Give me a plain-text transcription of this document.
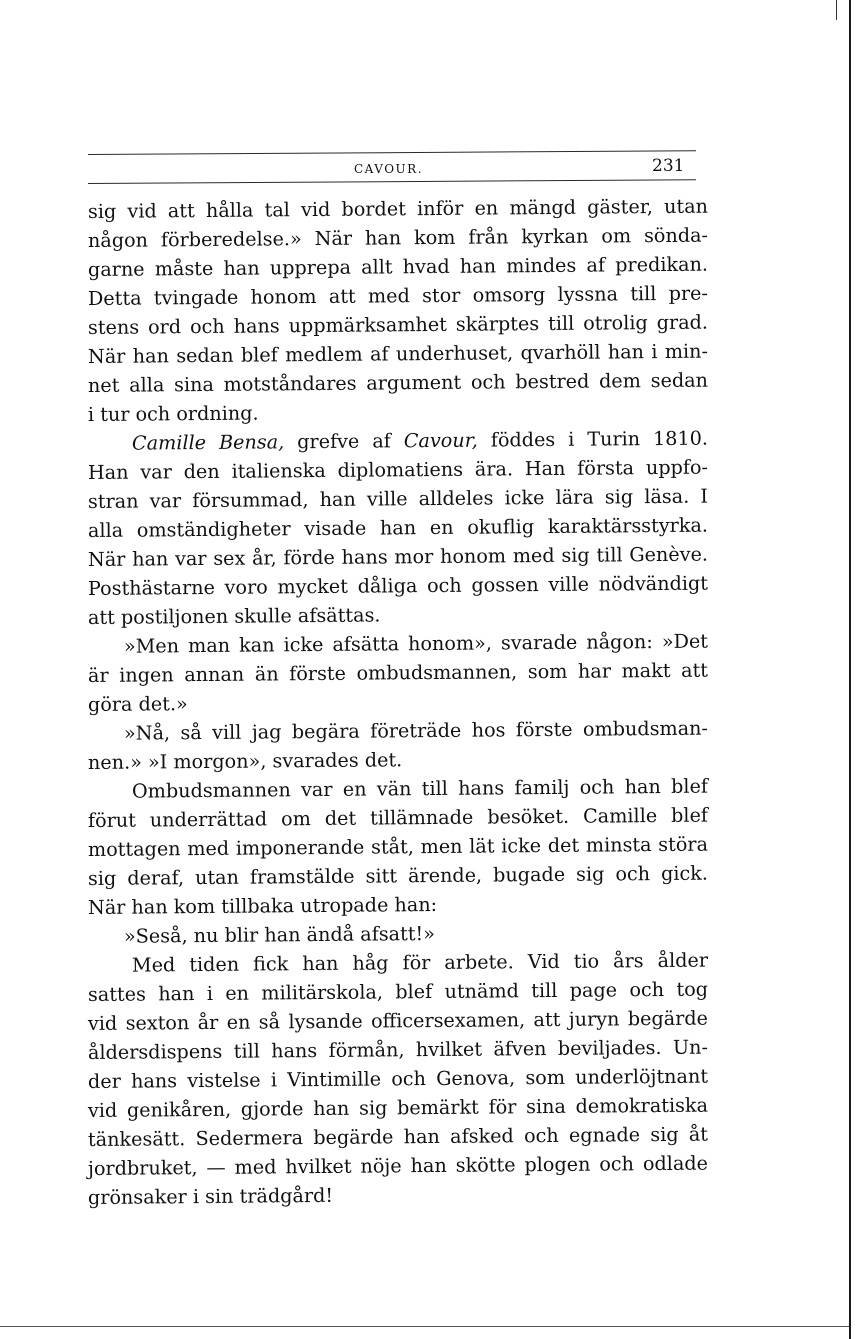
CAVOUR.	231
sig vid att hålla tal vid bordet inför en mängd gäster, utan
någon förberedelse.» När han kom från kyrkan om sönda-
garne måste han upprepa allt hvad han mindes af predikan.
Detta tvingade honom att med stor omsorg lyssna till pre-
stens ord och hans uppmärksamhet skärptes till otrolig grad.
När han sedan blef medlem af underhuset, qvarhöll han i min-
net alla sina motståndares argument och bestred dem sedan
i tur och ordning.
Camille Bensa, grefve af Cavour, föddes i Turin 1810.
Han var den italienska diplomatiens ära. Han första uppfo-
stran var försummad, han ville alldeles icke lära sig läsa. I
alla omständigheter visade han en okuflig karaktärsstyrka.
När han var sex år, förde hans mor honom med sig till Genève.
Posthästarne voro mycket dåliga och gossen ville nödvändigt
att postiljonen skulle afsättas.
»Men man kan icke afsätta honom», svarade någon: »Det
är ingen annan än förste ombudsmannen, som har makt att
göra det.»
»Nå, så vill jag begära företräde hos förste ombudsman-
nen.» »I morgon», svarades det.
Ombudsmannen var en vän till hans familj och han blef
förut underrättad om det tillämnade besöket. Camille blef
mottagen med imponerande ståt, men lät icke det minsta störa
sig deraf, utan framstälde sitt ärende, bugade sig och gick.
När han kom tillbaka utropade han:
»Seså, nu blir han ändå afsatt!»
Med tiden fick han håg för arbete. Vid tio års ålder
sattes han i en militärskola, blef utnämd till page och tog
vid sexton år en så lysande officersexamen, att juryn begärde
åldersdispens till hans förmån, hvilket äfven beviljades. Un-
der hans vistelse i Vintimille och Genova, som underlöjtnant
vid genikåren, gjorde han sig bemärkt för sina demokratiska
tänkesätt. Sedermera begärde han afsked och egnade sig åt
jordbruket, — med hvilket nöje han skötte plogen och odlade
grönsaker i sin trädgård!
